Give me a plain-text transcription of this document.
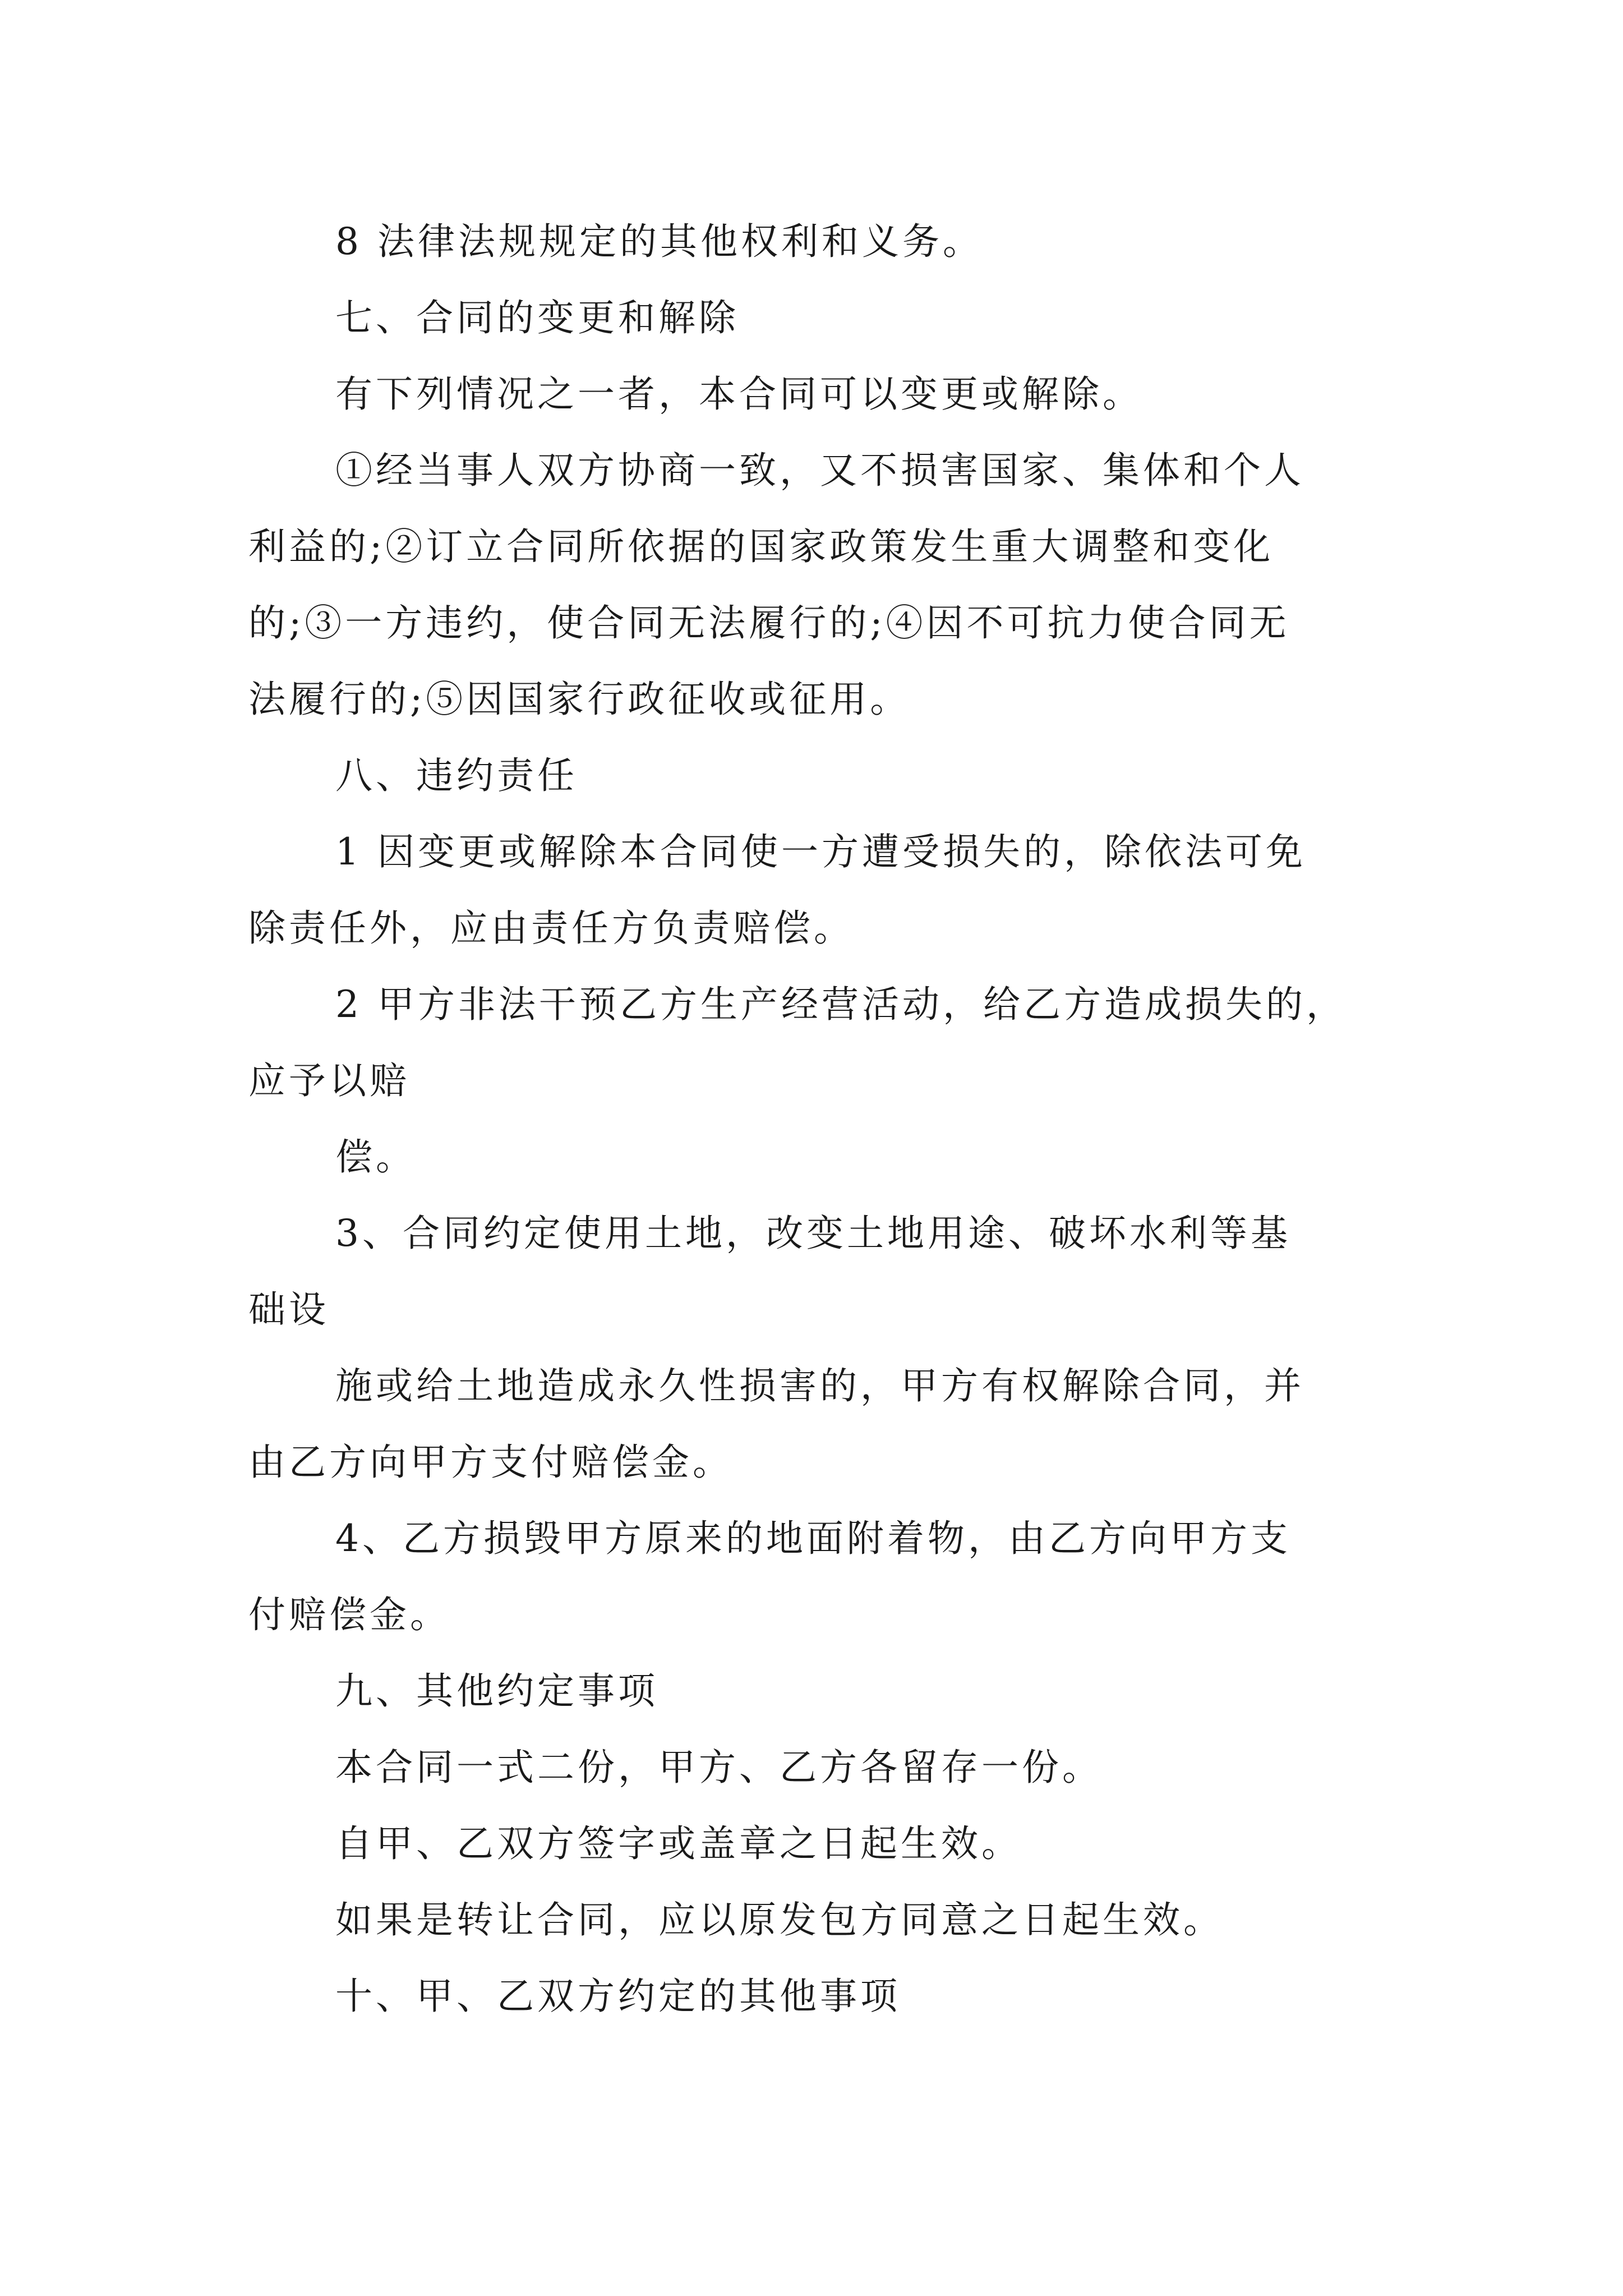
8 法律法规规定的其他权利和义务。

七、合同的变更和解除

有下列情况之一者，本合同可以变更或解除。

①经当事人双方协商一致，又不损害国家、集体和个人

利益的;②订立合同所依据的国家政策发生重大调整和变化

的;③一方违约，使合同无法履行的;④因不可抗力使合同无

法履行的;⑤因国家行政征收或征用。

八、违约责任

1 因变更或解除本合同使一方遭受损失的，除依法可免

除责任外，应由责任方负责赔偿。

2 甲方非法干预乙方生产经营活动，给乙方造成损失的，

应予以赔

偿。

3、合同约定使用土地，改变土地用途、破坏水利等基

础设

施或给土地造成永久性损害的，甲方有权解除合同，并

由乙方向甲方支付赔偿金。

4、乙方损毁甲方原来的地面附着物，由乙方向甲方支

付赔偿金。

九、其他约定事项

本合同一式二份，甲方、乙方各留存一份。

自甲、乙双方签字或盖章之日起生效。

如果是转让合同，应以原发包方同意之日起生效。

十、甲、乙双方约定的其他事项
